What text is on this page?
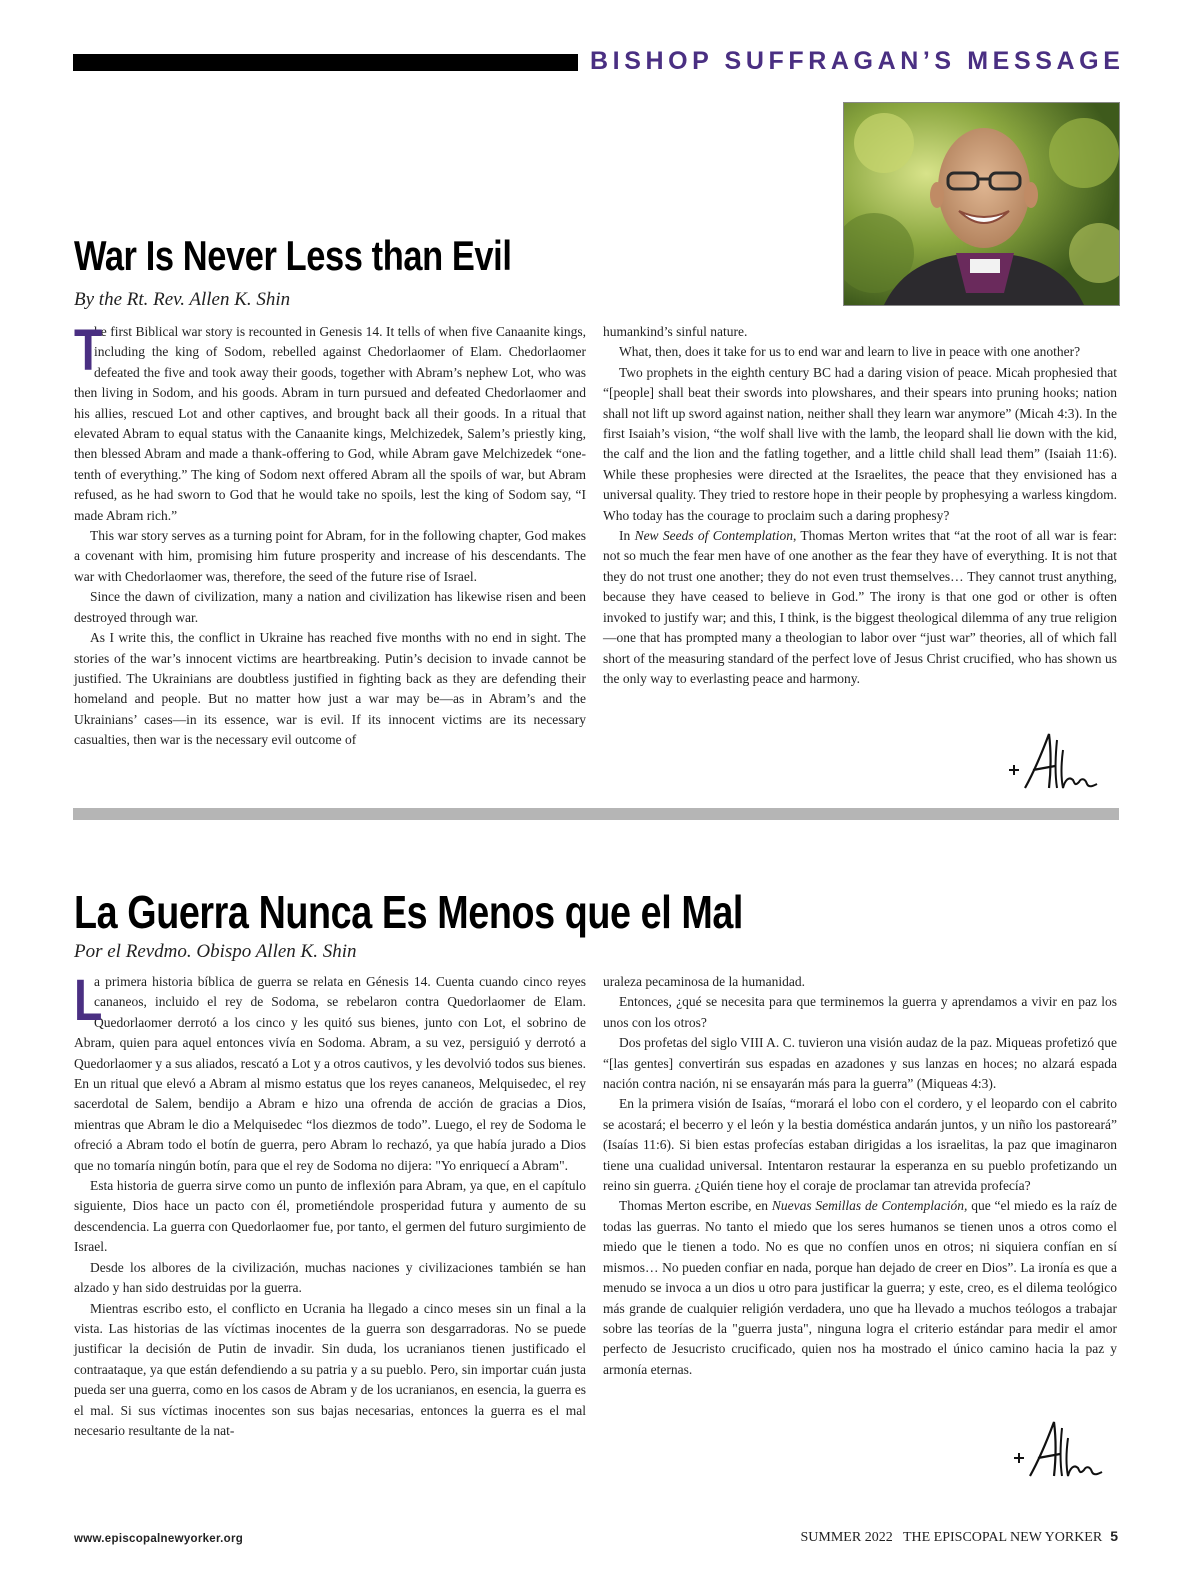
BISHOP SUFFRAGAN’S MESSAGE
War Is Never Less than Evil
By the Rt. Rev. Allen K. Shin

T
he first Biblical war story is recounted in Genesis 14. It tells of when five Canaanite kings, including the king of Sodom, rebelled against Chedorlaomer of Elam. Chedorlaomer defeated the five and took away their goods, together with Abram’s nephew Lot, who was then living in Sodom, and his goods. Abram in turn pursued and defeated Chedorlaomer and his allies, rescued Lot and other captives, and brought back all their goods. In a ritual that elevated Abram to equal status with the Canaanite kings, Melchizedek, Salem’s priestly king, then blessed Abram and made a thank-offering to God, while Abram gave Melchizedek “one-tenth of everything.” The king of Sodom next offered Abram all the spoils of war, but Abram refused, as he had sworn to God that he would take no spoils, lest the king of Sodom say, “I made Abram rich.”

This war story serves as a turning point for Abram, for in the following chapter, God makes a covenant with him, promising him future prosperity and increase of his descendants. The war with Chedorlaomer was, therefore, the seed of the future rise of Israel.

Since the dawn of civilization, many a nation and civilization has likewise risen and been destroyed through war.

As I write this, the conflict in Ukraine has reached five months with no end in sight. The stories of the war’s innocent victims are heartbreaking. Putin’s decision to invade cannot be justified. The Ukrainians are doubtless justified in fighting back as they are defending their homeland and people. But no matter how just a war may be—as in Abram’s and the Ukrainians’ cases—in its essence, war is evil. If its innocent victims are its necessary casualties, then war is the necessary evil outcome of

humankind’s sinful nature.

What, then, does it take for us to end war and learn to live in peace with one another?

Two prophets in the eighth century BC had a daring vision of peace. Micah prophesied that “[people] shall beat their swords into plowshares, and their spears into pruning hooks; nation shall not lift up sword against nation, neither shall they learn war anymore” (Micah 4:3). In the first Isaiah’s vision, “the wolf shall live with the lamb, the leopard shall lie down with the kid, the calf and the lion and the fatling together, and a little child shall lead them” (Isaiah 11:6). While these prophesies were directed at the Israelites, the peace that they envisioned has a universal quality. They tried to restore hope in their people by prophesying a warless kingdom. Who today has the courage to proclaim such a daring prophesy?

In New Seeds of Contemplation, Thomas Merton writes that “at the root of all war is fear: not so much the fear men have of one another as the fear they have of everything. It is not that they do not trust one another; they do not even trust themselves… They cannot trust anything, because they have ceased to believe in God.” The irony is that one god or other is often invoked to justify war; and this, I think, is the biggest theological dilemma of any true religion—one that has prompted many a theologian to labor over “just war” theories, all of which fall short of the measuring standard of the perfect love of Jesus Christ crucified, who has shown us the only way to everlasting peace and harmony.

La Guerra Nunca Es Menos que el Mal
Por el Revdmo. Obispo Allen K. Shin

L
a primera historia bíblica de guerra se relata en Génesis 14. Cuenta cuando cinco reyes cananeos, incluido el rey de Sodoma, se rebelaron contra Quedorlaomer de Elam. Quedorlaomer derrotó a los cinco y les quitó sus bienes, junto con Lot, el sobrino de Abram, quien para aquel entonces vivía en Sodoma. Abram, a su vez, persiguió y derrotó a Quedorlaomer y a sus aliados, rescató a Lot y a otros cautivos, y les devolvió todos sus bienes. En un ritual que elevó a Abram al mismo estatus que los reyes cananeos, Melquisedec, el rey sacerdotal de Salem, bendijo a Abram e hizo una ofrenda de acción de gracias a Dios, mientras que Abram le dio a Melquisedec “los diezmos de todo”. Luego, el rey de Sodoma le ofreció a Abram todo el botín de guerra, pero Abram lo rechazó, ya que había jurado a Dios que no tomaría ningún botín, para que el rey de Sodoma no dijera: "Yo enriquecí a Abram".

Esta historia de guerra sirve como un punto de inflexión para Abram, ya que, en el capítulo siguiente, Dios hace un pacto con él, prometiéndole prosperidad futura y aumento de su descendencia. La guerra con Quedorlaomer fue, por tanto, el germen del futuro surgimiento de Israel.

Desde los albores de la civilización, muchas naciones y civilizaciones también se han alzado y han sido destruidas por la guerra.

Mientras escribo esto, el conflicto en Ucrania ha llegado a cinco meses sin un final a la vista. Las historias de las víctimas inocentes de la guerra son desgarradoras. No se puede justificar la decisión de Putin de invadir. Sin duda, los ucranianos tienen justificado el contraataque, ya que están defendiendo a su patria y a su pueblo. Pero, sin importar cuán justa pueda ser una guerra, como en los casos de Abram y de los ucranianos, en esencia, la guerra es el mal. Si sus víctimas inocentes son sus bajas necesarias, entonces la guerra es el mal necesario resultante de la nat-

uraleza pecaminosa de la humanidad.

Entonces, ¿qué se necesita para que terminemos la guerra y aprendamos a vivir en paz los unos con los otros?

Dos profetas del siglo VIII A. C. tuvieron una visión audaz de la paz. Miqueas profetizó que “[las gentes] convertirán sus espadas en azadones y sus lanzas en hoces; no alzará espada nación contra nación, ni se ensayarán más para la guerra” (Miqueas 4:3).

En la primera visión de Isaías, “morará el lobo con el cordero, y el leopardo con el cabrito se acostará; el becerro y el león y la bestia doméstica andarán juntos, y un niño los pastoreará” (Isaías 11:6). Si bien estas profecías estaban dirigidas a los israelitas, la paz que imaginaron tiene una cualidad universal. Intentaron restaurar la esperanza en su pueblo profetizando un reino sin guerra. ¿Quién tiene hoy el coraje de proclamar tan atrevida profecía?

Thomas Merton escribe, en Nuevas Semillas de Contemplación, que “el miedo es la raíz de todas las guerras. No tanto el miedo que los seres humanos se tienen unos a otros como el miedo que le tienen a todo. No es que no confíen unos en otros; ni siquiera confían en sí mismos… No pueden confiar en nada, porque han dejado de creer en Dios”. La ironía es que a menudo se invoca a un dios u otro para justificar la guerra; y este, creo, es el dilema teológico más grande de cualquier religión verdadera, uno que ha llevado a muchos teólogos a trabajar sobre las teorías de la "guerra justa", ninguna logra el criterio estándar para medir el amor perfecto de Jesucristo crucificado, quien nos ha mostrado el único camino hacia la paz y armonía eternas.

www.episcopalnewyorker.org	SUMMER 2022   THE EPISCOPAL NEW YORKER 5
